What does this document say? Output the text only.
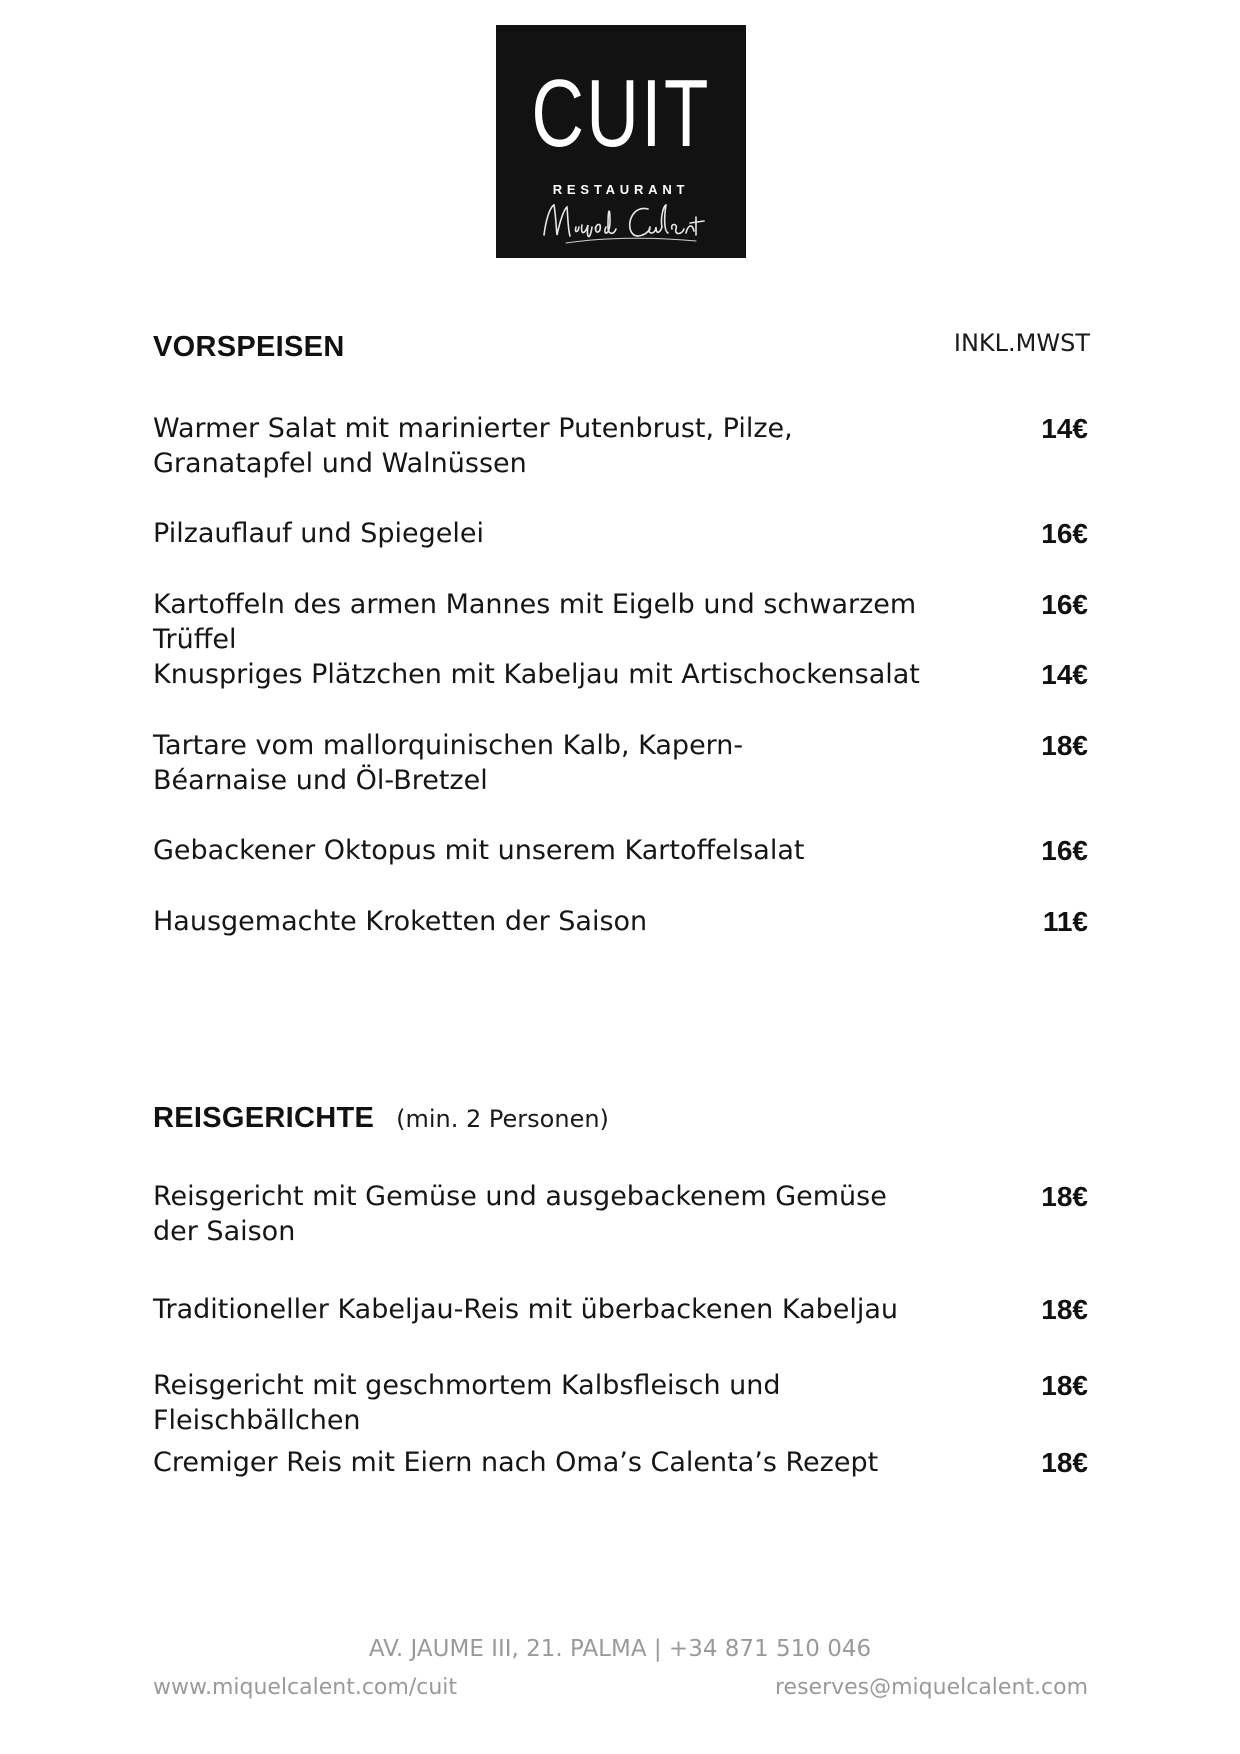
CUIT
RESTAURANT
VORSPEISEN	INKL.MWST
Warmer Salat mit marinierter Putenbrust, Pilze, Granatapfel und Walnüssen
14€
Pilzauflauf und Spiegelei	16€
Kartoffeln des armen Mannes mit Eigelb und schwarzem Trüffel
16€
Knuspriges Plätzchen mit Kabeljau mit Artischockensalat	14€
Tartare vom mallorquinischen Kalb, Kapern-Béarnaise und Öl-Bretzel
18€
Gebackener Oktopus mit unserem Kartoffelsalat	16€
Hausgemachte Kroketten der Saison	11€
REISGERICHTE (min. 2 Personen)
Reisgericht mit Gemüse und ausgebackenem Gemüse der Saison
18€
Traditioneller Kabeljau-Reis mit überbackenen Kabeljau	18€
Reisgericht mit geschmortem Kalbsfleisch und Fleischbällchen
18€
Cremiger Reis mit Eiern nach Oma’s Calenta’s Rezept	18€
AV. JAUME III, 21. PALMA | +34 871 510 046
www.miquelcalent.com/cuit	reserves@miquelcalent.com
